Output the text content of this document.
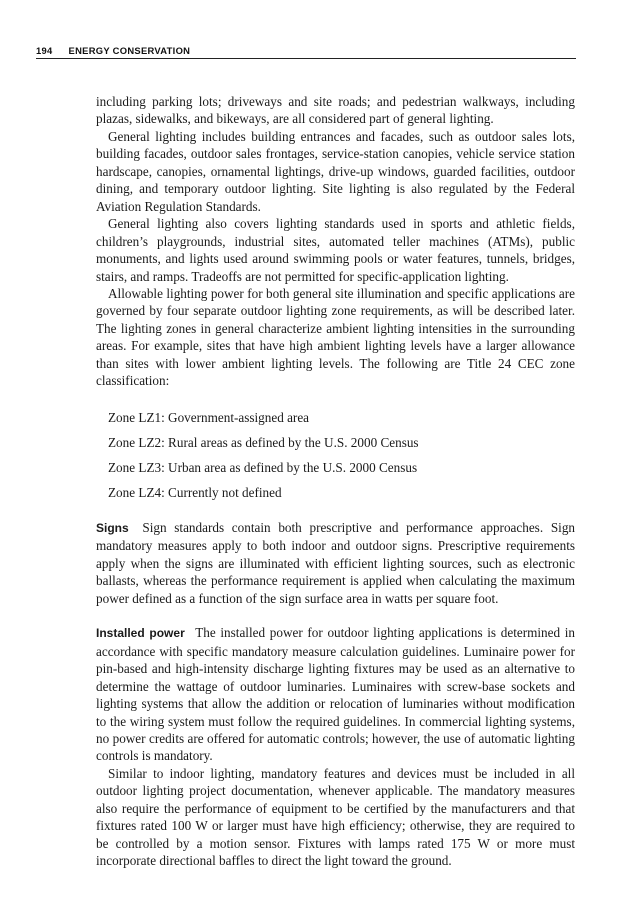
194 ENERGY CONSERVATION

including parking lots; driveways and site roads; and pedestrian walkways, including plazas, sidewalks, and bikeways, are all considered part of general lighting.

General lighting includes building entrances and facades, such as outdoor sales lots, building facades, outdoor sales frontages, service-station canopies, vehicle service station hardscape, canopies, ornamental lightings, drive-up windows, guarded facilities, outdoor dining, and temporary outdoor lighting. Site lighting is also regulated by the Federal Aviation Regulation Standards.

General lighting also covers lighting standards used in sports and athletic fields, children’s playgrounds, industrial sites, automated teller machines (ATMs), public monuments, and lights used around swimming pools or water features, tunnels, bridges, stairs, and ramps. Tradeoffs are not permitted for specific-application lighting.

Allowable lighting power for both general site illumination and specific applications are governed by four separate outdoor lighting zone requirements, as will be described later. The lighting zones in general characterize ambient lighting intensities in the surrounding areas. For example, sites that have high ambient lighting levels have a larger allowance than sites with lower ambient lighting levels. The following are Title 24 CEC zone classification:

Zone LZ1: Government-assigned area
Zone LZ2: Rural areas as defined by the U.S. 2000 Census
Zone LZ3: Urban area as defined by the U.S. 2000 Census
Zone LZ4: Currently not defined

Signs Sign standards contain both prescriptive and performance approaches. Sign mandatory measures apply to both indoor and outdoor signs. Prescriptive requirements apply when the signs are illuminated with efficient lighting sources, such as electronic ballasts, whereas the performance requirement is applied when calculating the maximum power defined as a function of the sign surface area in watts per square foot.

Installed power The installed power for outdoor lighting applications is determined in accordance with specific mandatory measure calculation guidelines. Luminaire power for pin-based and high-intensity discharge lighting fixtures may be used as an alternative to determine the wattage of outdoor luminaries. Luminaires with screw-base sockets and lighting systems that allow the addition or relocation of luminaries without modification to the wiring system must follow the required guidelines. In commercial lighting systems, no power credits are offered for automatic controls; however, the use of automatic lighting controls is mandatory.

Similar to indoor lighting, mandatory features and devices must be included in all outdoor lighting project documentation, whenever applicable. The mandatory measures also require the performance of equipment to be certified by the manufacturers and that fixtures rated 100 W or larger must have high efficiency; otherwise, they are required to be controlled by a motion sensor. Fixtures with lamps rated 175 W or more must incorporate directional baffles to direct the light toward the ground.
